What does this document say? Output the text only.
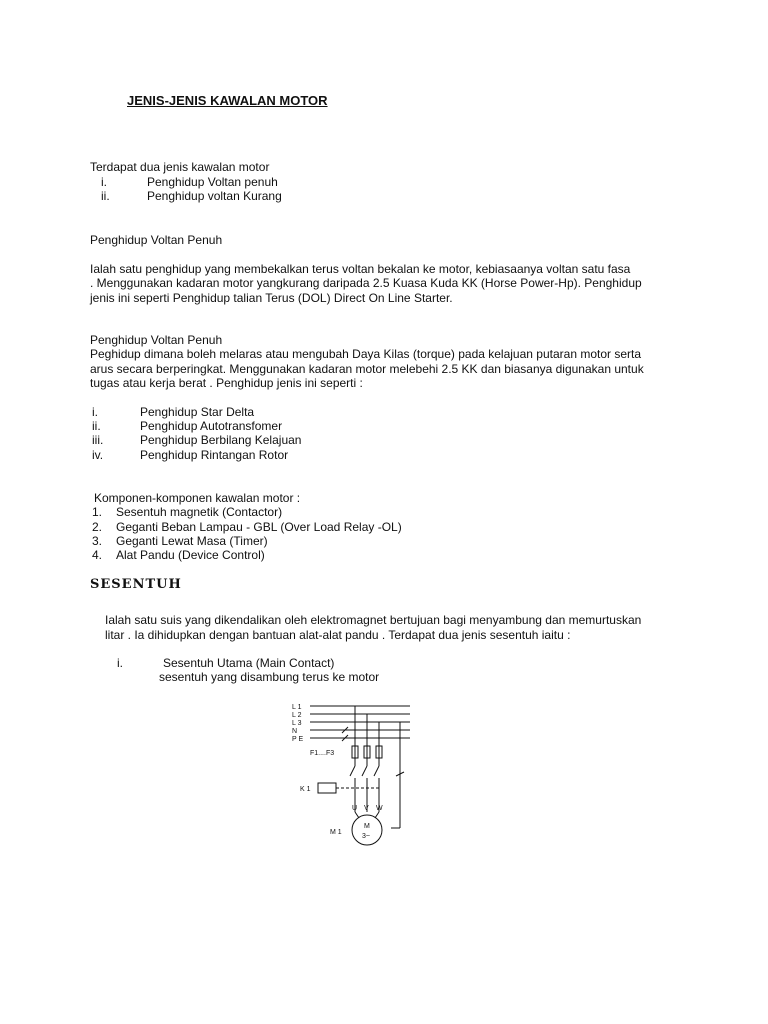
JENIS-JENIS KAWALAN MOTOR
Terdapat dua jenis kawalan motor
i.	Penghidup Voltan penuh
ii.	Penghidup voltan Kurang
Penghidup Voltan Penuh
Ialah satu penghidup yang membekalkan terus voltan bekalan ke motor, kebiasaanya voltan satu fasa
. Menggunakan kadaran motor yangkurang daripada 2.5 Kuasa Kuda KK (Horse Power-Hp). Penghidup
jenis ini seperti Penghidup talian Terus (DOL) Direct On Line Starter.
Penghidup Voltan Penuh
Peghidup dimana boleh melaras atau mengubah Daya Kilas (torque) pada kelajuan putaran motor serta
arus secara berperingkat. Menggunakan kadaran motor melebehi 2.5 KK dan biasanya digunakan untuk
tugas atau kerja berat . Penghidup jenis ini seperti :
i.	Penghidup Star Delta
ii.	Penghidup Autotransfomer
iii.	Penghidup Berbilang Kelajuan
iv.	Penghidup Rintangan Rotor
Komponen-komponen kawalan motor :
1. Sesentuh magnetik (Contactor)
2. Geganti Beban Lampau - GBL (Over Load Relay -OL)
3. Geganti Lewat Masa (Timer)
4. Alat Pandu (Device Control)
SESENTUH
Ialah satu suis yang dikendalikan oleh elektromagnet bertujuan bagi menyambung dan memurtuskan
litar . Ia dihidupkan dengan bantuan alat-alat pandu . Terdapat dua jenis sesentuh iaitu :
i.	Sesentuh Utama (Main Contact)
sesentuh yang disambung terus ke motor
L 1
L 2
L 3
N
P E
F1....F3
K 1
U V W
M 1
M
3~
